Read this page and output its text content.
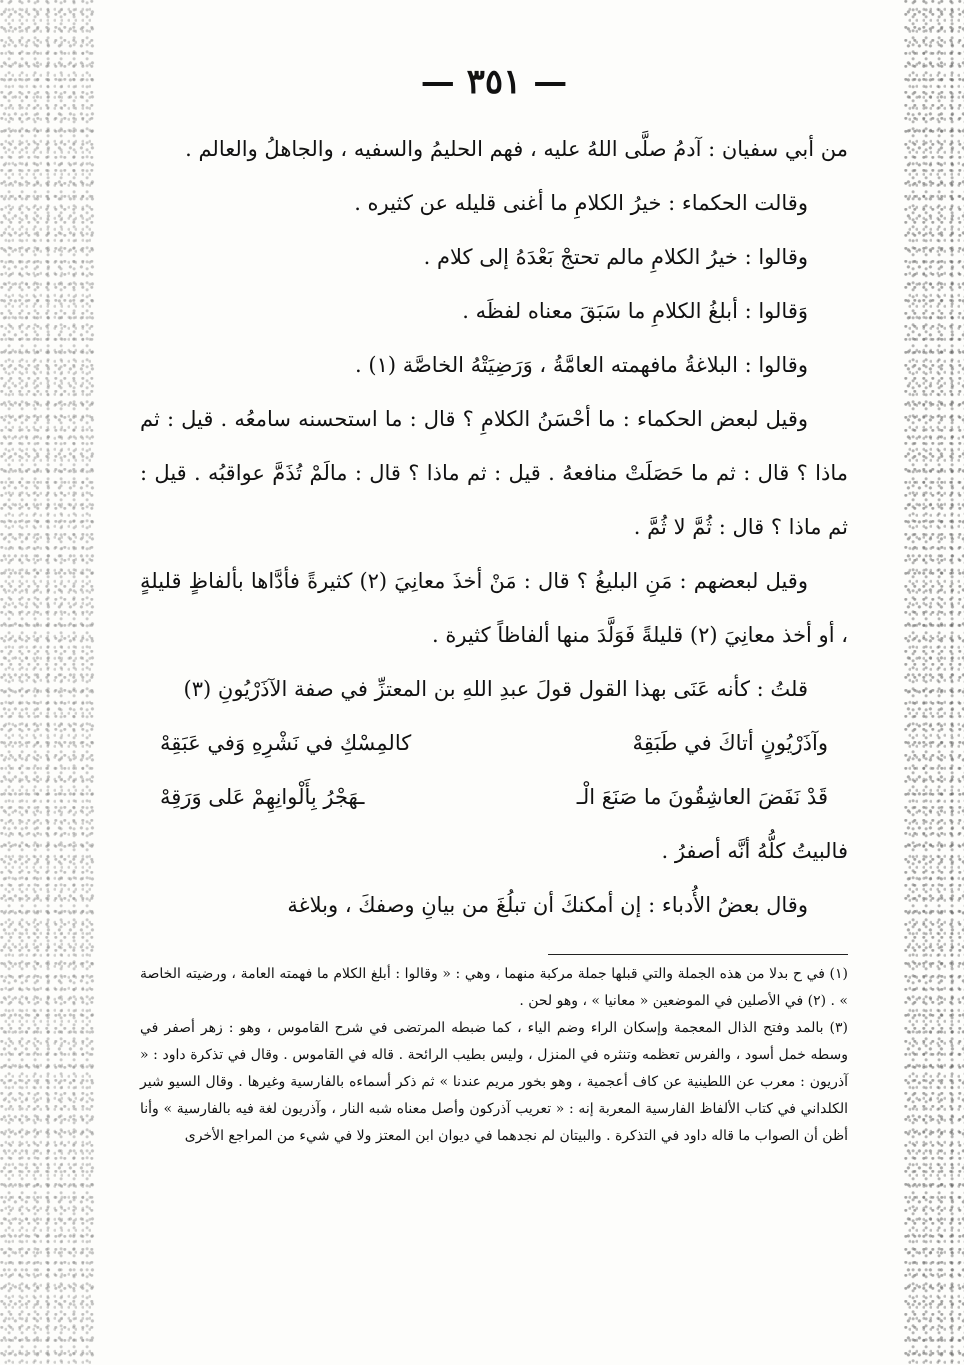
— ٣٥١ —

من أبي سفيان : آدمُ صلَّى اللهُ عليه ، فهم الحليمُ والسفيه ، والجاهلُ والعالم .

وقالت الحكماء : خيرُ الكلامِ ما أغنى قليله عن كثيره .

وقالوا : خيرُ الكلامِ مالم تحتجْ بَعْدَهُ إلى كلام .

وَقالوا : أبلغُ الكلامِ ما سَبَقَ معناه لفظَه .

وقالوا : البلاغةُ مافهمته العامَّةُ ، وَرَضِيَتْهُ الخاصَّة (١) .

وقيل لبعض الحكماء : ما أحْسَنُ الكلامِ ؟ قال : ما استحسنه سامعُه . قيل : ثم ماذا ؟ قال : ثم ما حَصَلَتْ منافعهُ . قيل : ثم ماذا ؟ قال : مالَمْ تُذَمَّ عواقبُه . قيل : ثم ماذا ؟ قال : ثُمَّ لا ثُمَّ .

وقيل لبعضهم : مَنِ البليغُ ؟ قال : مَنْ أخذَ معانِيَ (٢) كثيرةً فأدَّاها بألفاظٍ قليلةٍ ، أو أخذ معانِيَ (٢) قليلةً فَوَلَّدَ منها ألفاظاً كثيرة .

قلتُ : كأنه عَنَى بهذا القول قولَ عبدِ اللهِ بن المعتزِّ في صفة الآذَرْيُونِ (٣)

وآذَرْيُونٍ أتاكَ في طَبَقِهْ
كالمِسْكِ في نَشْرِهِ وَفي عَبَقِهْ
قَدْ نَفَضَ العاشِقُونَ ما صَنَعَ الْـ
ـهَجْرُ بِأَلْوانِهِمْ عَلى وَرَقِهْ

فالبيتُ كلُّهُ أنَّه أصفرُ .

وقال بعضُ الأُدباء : إن أمكنكَ أن تبلُغَ من بيانِ وصفكَ ، وبلاغة

(١) في ح بدلا من هذه الجملة والتي قبلها جملة مركبة منهما ، وهي : « وقالوا : أبلغ الكلام ما فهمته العامة ، ورضيته الخاصة » . (٢) في الأصلين في الموضعين « معانيا » ، وهو لحن .

(٣) بالمد وفتح الذال المعجمة وإسكان الراء وضم الياء ، كما ضبطه المرتضى في شرح القاموس ، وهو : زهر أصفر في وسطه خمل أسود ، والفرس تعظمه وتنثره في المنزل ، وليس بطيب الرائحة . قاله في القاموس . وقال في تذكرة داود : « آذريون : معرب عن اللطينية عن كاف أعجمية ، وهو بخور مريم عندنا » ثم ذكر أسماءه بالفارسية وغيرها . وقال السيو شير الكلداني في كتاب الألفاظ الفارسية المعربة إنه : « تعريب آذركون وأصل معناه شبه النار ، وآذريون لغة فيه بالفارسية » وأنا أظن أن الصواب ما قاله داود في التذكرة . والبيتان لم نجدهما في ديوان ابن المعتز ولا في شيء من المراجع الأخرى
